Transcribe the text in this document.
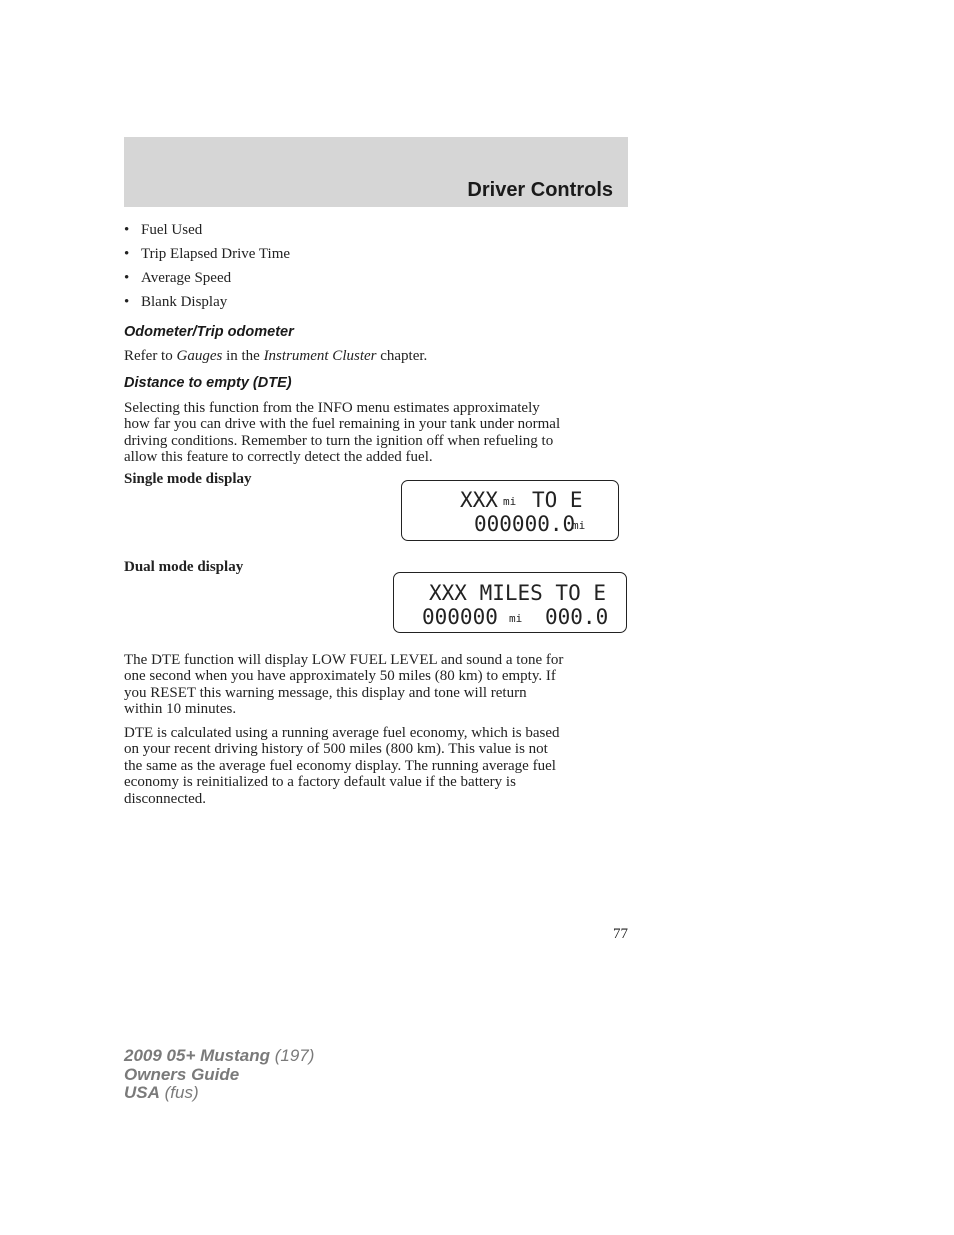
Driver Controls
• Fuel Used
• Trip Elapsed Drive Time
• Average Speed
• Blank Display
Odometer/Trip odometer

Refer to Gauges in the Instrument Cluster chapter.

Distance to empty (DTE)

Selecting this function from the INFO menu estimates approximately
how far you can drive with the fuel remaining in your tank under normal
driving conditions. Remember to turn the ignition off when refueling to
allow this feature to correctly detect the added fuel.

Single mode display
XXX mi TO E
000000.0
mi
Dual mode display
XXX MILES TO E
000000 mi 000.0

The DTE function will display LOW FUEL LEVEL and sound a tone for
one second when you have approximately 50 miles (80 km) to empty. If
you RESET this warning message, this display and tone will return
within 10 minutes.

DTE is calculated using a running average fuel economy, which is based
on your recent driving history of 500 miles (800 km). This value is not
the same as the average fuel economy display. The running average fuel
economy is reinitialized to a factory default value if the battery is
disconnected.

77
2009 05+ Mustang (197)
Owners Guide
USA (fus)
